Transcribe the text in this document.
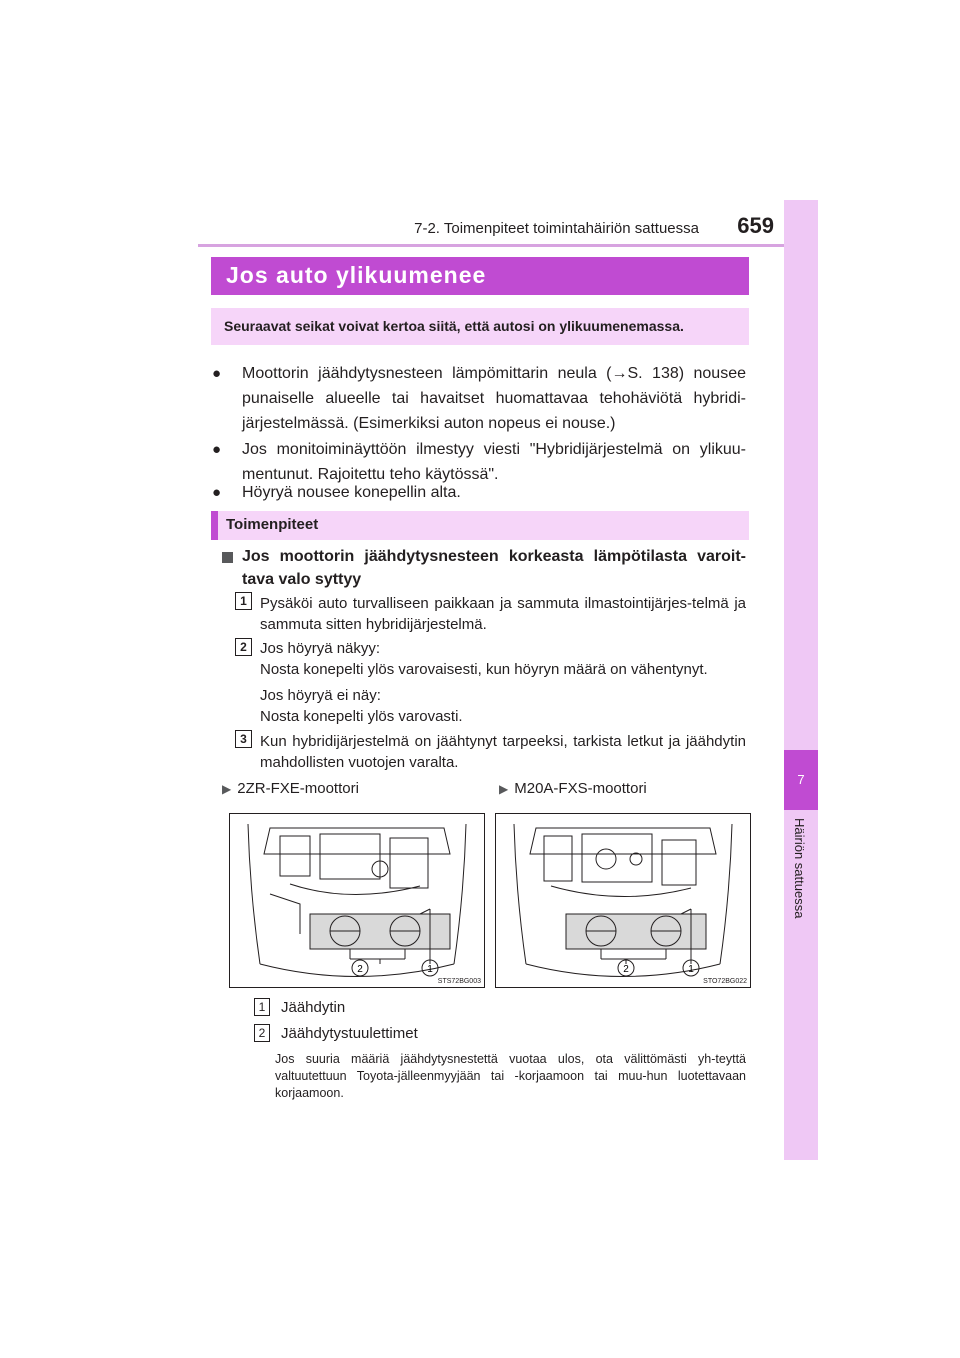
7-2. Toimenpiteet toimintahäiriön sattuessa	659
7
Häiriön sattuessa
Jos auto ylikuumenee
Seuraavat seikat voivat kertoa siitä, että autosi on ylikuumenemassa.
● Moottorin jäähdytysnesteen lämpömittarin neula (→S. 138) nousee punaiselle alueelle tai havaitset huomattavaa tehohäviötä hybridi-järjestelmässä. (Esimerkiksi auton nopeus ei nouse.)
● Jos monitoiminäyttöön ilmestyy viesti "Hybridijärjestelmä on ylikuu-mentunut. Rajoitettu teho käytössä".
● Höyryä nousee konepellin alta.
Toimenpiteet
Jos moottorin jäähdytysnesteen korkeasta lämpötilasta varoit-tava valo syttyy
1 Pysäköi auto turvalliseen paikkaan ja sammuta ilmastointijärjes-telmä ja sammuta sitten hybridijärjestelmä.
2 Jos höyryä näkyy:
Nosta konepelti ylös varovaisesti, kun höyryn määrä on vähentynyt.
Jos höyryä ei näy:
Nosta konepelti ylös varovasti.
3 Kun hybridijärjestelmä on jäähtynyt tarpeeksi, tarkista letkut ja jäähdytin mahdollisten vuotojen varalta.
▶ 2ZR-FXE-moottori	▶ M20A-FXS-moottori
2	1
STS72BG003
2	1
STO72BG022
1	Jäähdytin
2	Jäähdytystuulettimet
Jos suuria määriä jäähdytysnestettä vuotaa ulos, ota välittömästi yh-teyttä valtuutettuun Toyota-jälleenmyyjään tai -korjaamoon tai muu-hun luotettavaan korjaamoon.
